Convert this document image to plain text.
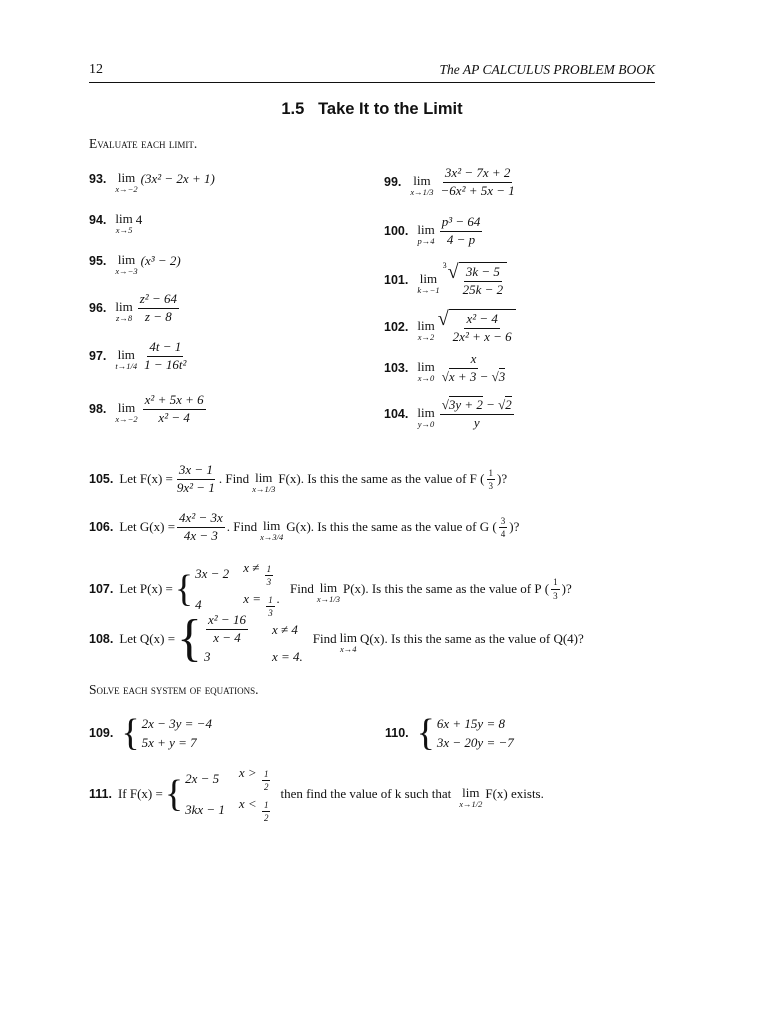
12	The AP CALCULUS PROBLEM BOOK
1.5   Take It to the Limit
Evaluate each limit.
93. lim
x→−2
(3x² − 2x + 1)
94. lim
x→5
4
95. lim
x→−3
(x³ − 2)
96. lim
$z\to 8 \frac{\text{z² − 64}}{z - 8}$
97. lim
$t\to 1/4 \frac{4t - 1}{\text{1 − 16t²}}$
98. lim
$x\to-2 \frac{\text{x² + 5x + 6}}{\text{x² − 4}}$
99. lim
$x\to 1/3 \frac{\text{3x² − 7x + 2}}{\text{−6x² + 5x − 1}}$
100. lim
$p\to 4 \frac{\text{p³ − 64}}{4 - p}$
101. lim
k→−1
3 √ $\frac{3k - 5}{25k - 2}$
102. lim
x→2
√ $\frac{\text{x² − 4}}{\text{2x² + x − 6}}$
103. lim
$x\to 0 \frac{x}{√x + 3 - √3}$
104. lim
$y\to 0 \frac{√3y + 2 - √2}{y}$
105. Let $F(x) = \frac{3x - 1}{\text{9x² − 1}}$ . Find lim
x→1/3
F(x). Is this the same as the value of F ( $\frac{1}{3}$ ) ?
106. Let $G(x) = \frac{\text{4x² − 3x}}{4x - 3}$ . Find lim
x→3/4
G(x). Is this the same as the value of G ( $\frac{3}{4}$ ) ?
107. Let P(x) = { 3x − 2 $x \ne \frac{1}{3}$
4	$x = \frac{1}{3}$ .
Find lim
x→1/3
P(x). Is this the same as the value of P ( $\frac{1}{3}$ ) ?
108. Let Q(x) = { $\frac{\text{x² − 16}}{x - 4}$ x ≠ 4
3	x = 4.
Find lim
x→4
Q(x). Is this the same as the value of Q(4)?
Solve each system of equations.
109. { 2x − 3y = −4
5x + y = 7
110. { 6x + 15y = 8
3x − 20y = −7
111. If F(x) = { 2x − 5	$x > \frac{1}{2}$
3kx − 1 $x < \frac{1}{2}$
then find the value of k such that lim
x→1/2
F(x) exists.
